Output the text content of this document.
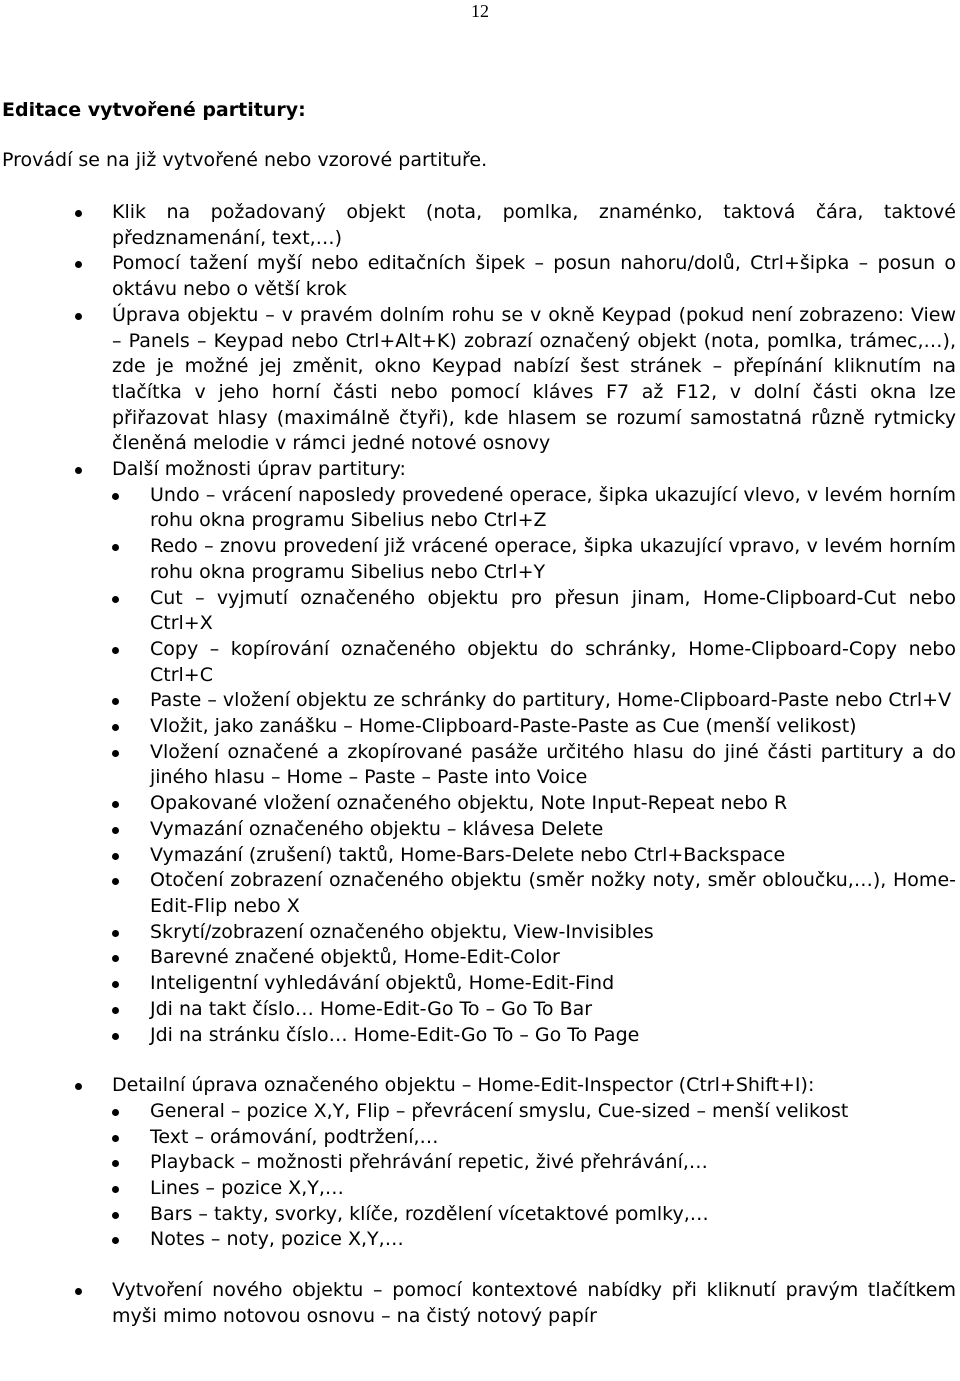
12
Editace vytvořené partitury:
Provádí se na již vytvořené nebo vzorové partituře.
Klik na požadovaný objekt (nota, pomlka, znaménko, taktová čára, taktové předznamenání, text,…)
Pomocí tažení myší nebo editačních šipek – posun nahoru/dolů, Ctrl+šipka – posun o oktávu nebo o větší krok
Úprava objektu – v pravém dolním rohu se v okně Keypad (pokud není zobrazeno: View – Panels – Keypad nebo Ctrl+Alt+K) zobrazí označený objekt (nota, pomlka, trámec,…), zde je možné jej změnit, okno Keypad nabízí šest stránek – přepínání kliknutím na tlačítka v jeho horní části nebo pomocí kláves F7 až F12, v dolní části okna lze přiřazovat hlasy (maximálně čtyři), kde hlasem se rozumí samostatná různě rytmicky členěná melodie v rámci jedné notové osnovy
Další možnosti úprav partitury:
Undo – vrácení naposledy provedené operace, šipka ukazující vlevo, v levém horním rohu okna programu Sibelius nebo Ctrl+Z
Redo – znovu provedení již vrácené operace, šipka ukazující vpravo, v levém horním rohu okna programu Sibelius nebo Ctrl+Y
Cut – vyjmutí označeného objektu pro přesun jinam, Home-Clipboard-Cut nebo Ctrl+X
Copy – kopírování označeného objektu do schránky, Home-Clipboard-Copy nebo Ctrl+C
Paste – vložení objektu ze schránky do partitury, Home-Clipboard-Paste nebo Ctrl+V
Vložit, jako zanášku – Home-Clipboard-Paste-Paste as Cue (menší velikost)
Vložení označené a zkopírované pasáže určitého hlasu do jiné části partitury a do jiného hlasu – Home – Paste – Paste into Voice
Opakované vložení označeného objektu, Note Input-Repeat nebo R
Vymazání označeného objektu – klávesa Delete
Vymazání (zrušení) taktů, Home-Bars-Delete nebo Ctrl+Backspace
Otočení zobrazení označeného objektu (směr nožky noty, směr obloučku,…), Home-Edit-Flip nebo X
Skrytí/zobrazení označeného objektu, View-Invisibles
Barevné značené objektů, Home-Edit-Color
Inteligentní vyhledávání objektů, Home-Edit-Find
Jdi na takt číslo… Home-Edit-Go To – Go To Bar
Jdi na stránku číslo… Home-Edit-Go To – Go To Page
Detailní úprava označeného objektu – Home-Edit-Inspector (Ctrl+Shift+I):
General – pozice X,Y, Flip – převrácení smyslu, Cue-sized – menší velikost
Text – orámování, podtržení,…
Playback – možnosti přehrávání repetic, živé přehrávání,…
Lines – pozice X,Y,…
Bars – takty, svorky, klíče, rozdělení vícetaktové pomlky,…
Notes – noty, pozice X,Y,…
Vytvoření nového objektu – pomocí kontextové nabídky při kliknutí pravým tlačítkem myši mimo notovou osnovu – na čistý notový papír
